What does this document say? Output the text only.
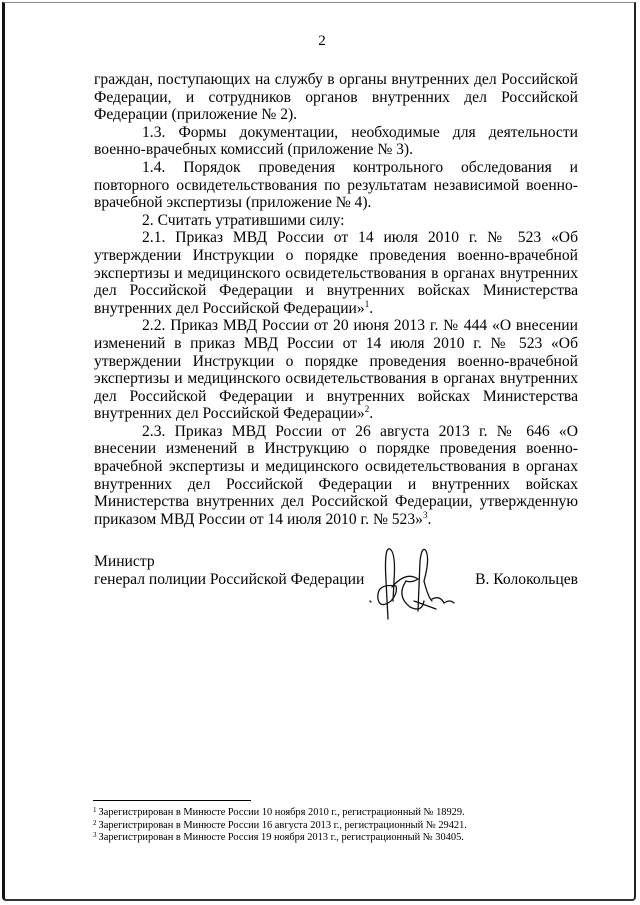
2

граждан, поступающих на службу в органы внутренних дел Российской Федерации, и сотрудников органов внутренних дел Российской Федерации (приложение № 2).

1.3. Формы документации, необходимые для деятельности военно-врачебных комиссий (приложение № 3).

1.4. Порядок проведения контрольного обследования и повторного освидетельствования по результатам независимой военно-врачебной экспертизы (приложение № 4).

2. Считать утратившими силу:

2.1. Приказ МВД России от 14 июля 2010 г. № 523 «Об утверждении Инструкции о порядке проведения военно-врачебной экспертизы и медицинского освидетельствования в органах внутренних дел Российской Федерации и внутренних войсках Министерства внутренних дел Российской Федерации»$^1$.

2.2. Приказ МВД России от 20 июня 2013 г. № 444 «О внесении изменений в приказ МВД России от 14 июля 2010 г. № 523 «Об утверждении Инструкции о порядке проведения военно-врачебной экспертизы и медицинского освидетельствования в органах внутренних дел Российской Федерации и внутренних войсках Министерства внутренних дел Российской Федерации»$^2$.

2.3. Приказ МВД России от 26 августа 2013 г. № 646 «О внесении изменений в Инструкцию о порядке проведения военно-врачебной экспертизы и медицинского освидетельствования в органах внутренних дел Российской Федерации и внутренних войсках Министерства внутренних дел Российской Федерации, утвержденную приказом МВД России от 14 июля 2010 г. № 523»$^3$.

Министр
генерал полиции Российской Федерации	В. Колокольцев
$^1$ Зарегистрирован в Минюсте России 10 ноября 2010 г., регистрационный № 18929.
$^2$ Зарегистрирован в Минюсте России 16 августа 2013 г., регистрационный № 29421.
$^3$ Зарегистрирован в Минюсте Россия 19 ноября 2013 г., регистрационный № 30405.
